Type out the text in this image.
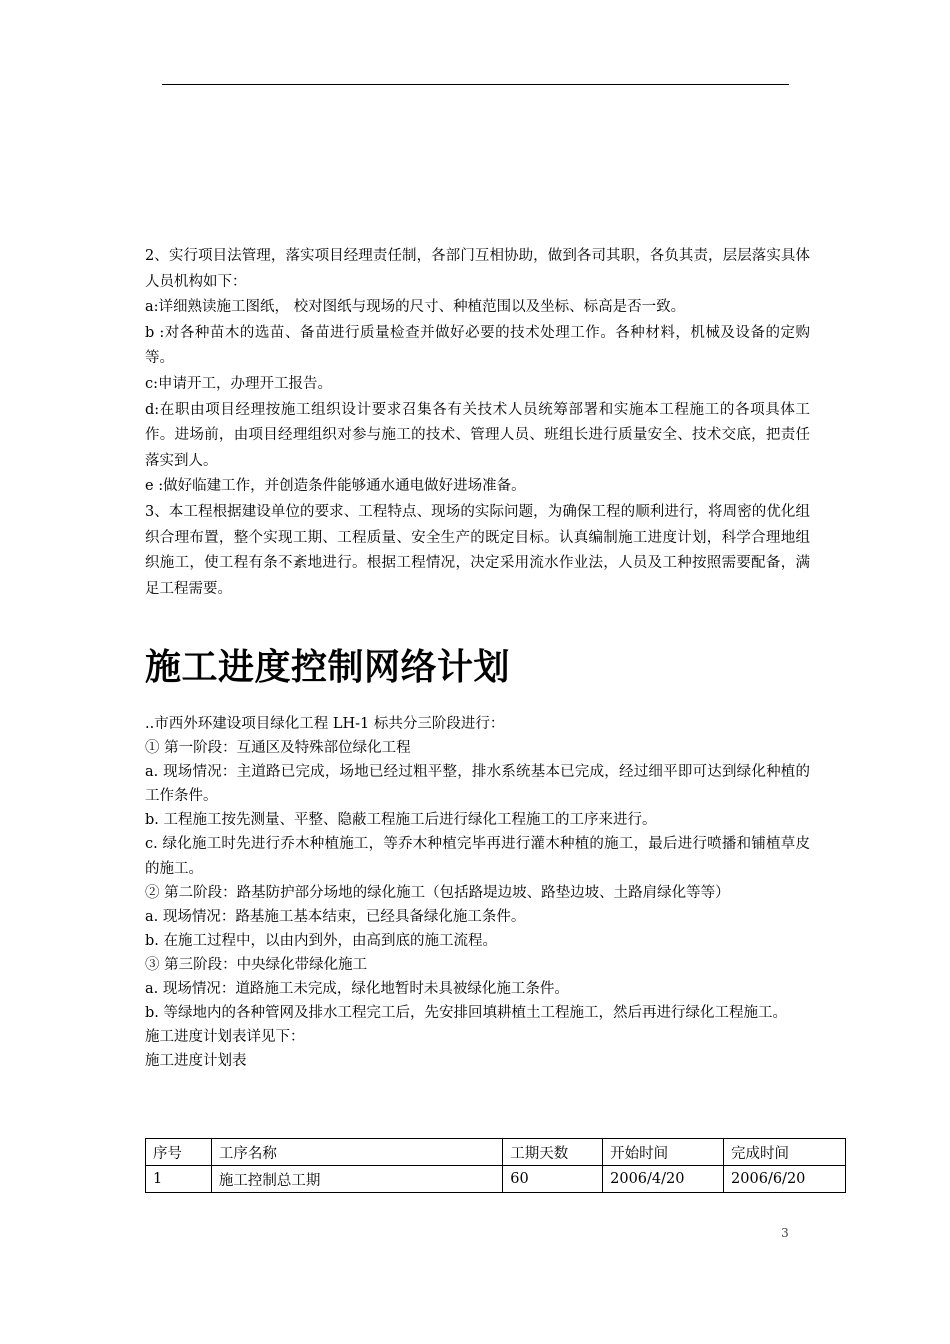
2、实行项目法管理，落实项目经理责任制，各部门互相协助，做到各司其职，各负其责，层层落实具体人员机构如下：

a:详细熟读施工图纸， 校对图纸与现场的尺寸、种植范围以及坐标、标高是否一致。

b :对各种苗木的选苗、备苗进行质量检查并做好必要的技术处理工作。各种材料，机械及设备的定购等。

c:申请开工，办理开工报告。

d:在职由项目经理按施工组织设计要求召集各有关技术人员统筹部署和实施本工程施工的各项具体工作。进场前，由项目经理组织对参与施工的技术、管理人员、班组长进行质量安全、技术交底，把责任落实到人。

e :做好临建工作，并创造条件能够通水通电做好进场准备。

3、本工程根据建设单位的要求、工程特点、现场的实际问题，为确保工程的顺利进行，将周密的优化组织合理布置，整个实现工期、工程质量、安全生产的既定目标。认真编制施工进度计划，科学合理地组织施工，使工程有条不紊地进行。根据工程情况，决定采用流水作业法，人员及工种按照需要配备，满足工程需要。

施工进度控制网络计划

..市西外环建设项目绿化工程 LH-1 标共分三阶段进行：

① 第一阶段：互通区及特殊部位绿化工程

a. 现场情况：主道路已完成，场地已经过粗平整，排水系统基本已完成，经过细平即可达到绿化种植的工作条件。

b. 工程施工按先测量、平整、隐蔽工程施工后进行绿化工程施工的工序来进行。

c. 绿化施工时先进行乔木种植施工，等乔木种植完毕再进行灌木种植的施工，最后进行喷播和铺植草皮的施工。

② 第二阶段：路基防护部分场地的绿化施工（包括路堤边坡、路垫边坡、土路肩绿化等等）

a. 现场情况：路基施工基本结束，已经具备绿化施工条件。

b. 在施工过程中，以由内到外，由高到底的施工流程。

③ 第三阶段：中央绿化带绿化施工

a. 现场情况：道路施工未完成，绿化地暂时未具被绿化施工条件。

b. 等绿地内的各种管网及排水工程完工后，先安排回填耕植土工程施工，然后再进行绿化工程施工。

施工进度计划表详见下：

施工进度计划表

序号	工序名称	工期天数	开始时间	完成时间
1	施工控制总工期	60	2006/4/20	2006/6/20
3
